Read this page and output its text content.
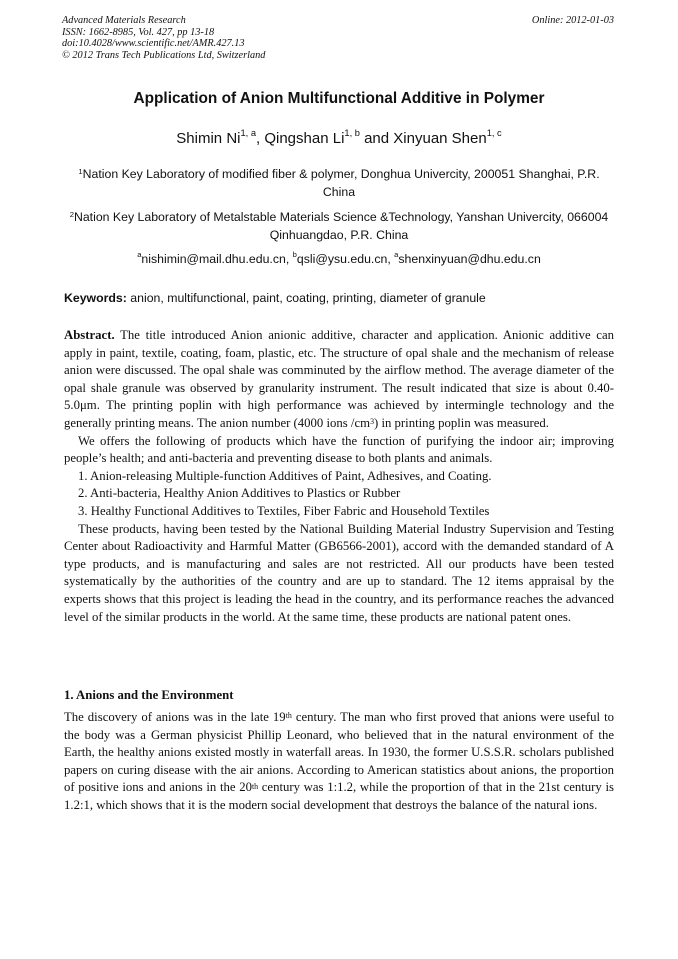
Advanced Materials Research
ISSN: 1662-8985, Vol. 427, pp 13-18
doi:10.4028/www.scientific.net/AMR.427.13
© 2012 Trans Tech Publications Ltd, Switzerland
Online: 2012-01-03
Application of Anion Multifunctional Additive in Polymer
Shimin Ni$^{1, a}$, Qingshan Li$^{1, b}$ and Xinyuan Shen$^{1, c}$
$^1$Nation Key Laboratory of modified fiber & polymer, Donghua Univercity, 200051 Shanghai, P.R. China
$^2$Nation Key Laboratory of Metalstable Materials Science &Technology, Yanshan Univercity, 066004 Qinhuangdao, P.R. China
$^a$nishimin@mail.dhu.edu.cn, $^b$qsli@ysu.edu.cn, $^a$shenxinyuan@dhu.edu.cn
Keywords: anion, multifunctional, paint, coating, printing, diameter of granule

Abstract. The title introduced Anion anionic additive, character and application. Anionic additive can apply in paint, textile, coating, foam, plastic, etc. The structure of opal shale and the mechanism of release anion were discussed. The opal shale was comminuted by the airflow method. The average diameter of the opal shale granule was observed by granularity instrument. The result indicated that size is about 0.40-5.0μm. The printing poplin with high performance was achieved by intermingle technology and the generally printing means. The anion number (4000 ions $/cm^3$) in printing poplin was measured.

We offers the following of products which have the function of purifying the indoor air; improving people’s health; and anti-bacteria and preventing disease to both plants and animals.

1. Anion-releasing Multiple-function Additives of Paint, Adhesives, and Coating.

2. Anti-bacteria, Healthy Anion Additives to Plastics or Rubber

3. Healthy Functional Additives to Textiles, Fiber Fabric and Household Textiles

These products, having been tested by the National Building Material Industry Supervision and Testing Center about Radioactivity and Harmful Matter (GB6566-2001), accord with the demanded standard of A type products, and is manufacturing and sales are not restricted. All our products have been tested systematically by the authorities of the country and are up to standard. The 12 items appraisal by the experts shows that this project is leading the head in the country, and its performance reaches the advanced level of the similar products in the world. At the same time, these products are national patent ones.

1. Anions and the Environment

The discovery of anions was in the late 19th century. The man who first proved that anions were useful to the body was a German physicist Phillip Leonard, who believed that in the natural environment of the Earth, the healthy anions existed mostly in waterfall areas. In 1930, the former U.S.S.R. scholars published papers on curing disease with the air anions. According to American statistics about anions, the proportion of positive ions and anions in the 20th century was 1:1.2, while the proportion of that in the 21st century is 1.2:1, which shows that it is the modern social development that destroys the balance of the natural ions.
